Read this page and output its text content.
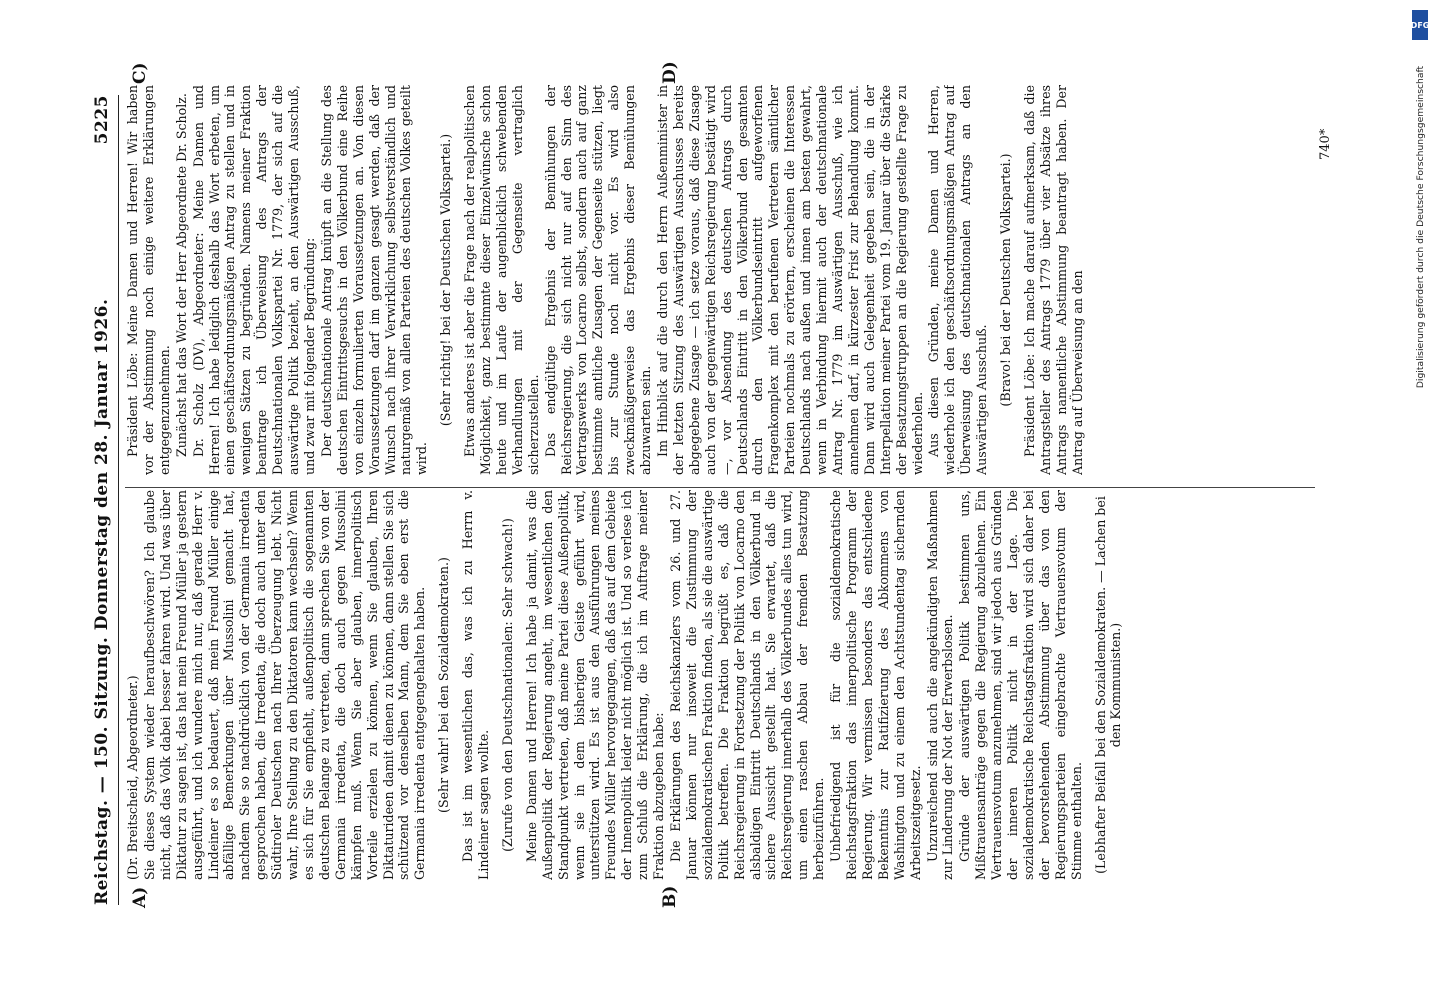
Reichstag. — 150. Sitzung. Donnerstag den 28. Januar 1926.
5225

(Dr. Breitscheid, Abgeordneter.) Sie dieses System wieder heraufbeschwören? Ich glaube nicht, daß das Volk dabei besser fahren wird. Und was über Diktatur zu sagen ist, das hat mein Freund Müller ja gestern ausgeführt, und ich wundere mich nur, daß gerade Herr v. Lindeiner es so bedauert, daß mein Freund Müller einige abfällige Bemerkungen über Mussolini gemacht hat, nachdem Sie so nachdrücklich von der Germania irredenta gesprochen haben, die Irredenta, die doch auch unter den Südtiroler Deutschen nach Ihrer Überzeugung lebt. Nicht wahr, Ihre Stellung zu den Diktatoren kann wechseln? Wenn es sich für Sie empfiehlt, außenpolitisch die sogenannten deutschen Belange zu vertreten, dann sprechen Sie von der Germania irredenta, die doch auch gegen Mussolini kämpfen muß. Wenn Sie aber glauben, innerpolitisch Vorteile erzielen zu können, wenn Sie glauben, Ihren Diktaturideen damit dienen zu können, dann stellen Sie sich schützend vor denselben Mann, dem Sie eben erst die Germania irredenta entgegengehalten haben. (Sehr wahr! bei den Sozialdemokraten.) Das ist im wesentlichen das, was ich zu Herrn v. Lindeiner sagen wollte. (Zurufe von den Deutschnationalen: Sehr schwach!) Meine Damen und Herren! Ich habe ja damit, was die Außenpolitik der Regierung angeht, im wesentlichen den Standpunkt vertreten, daß meine Partei diese Außenpolitik, wenn sie in dem bisherigen Geiste geführt wird, unterstützen wird. Es ist aus den Ausführungen meines Freundes Müller hervorgegangen, daß das auf dem Gebiete der Innenpolitik leider nicht möglich ist. Und so verlese ich zum Schluß die Erklärung, die ich im Auftrage meiner Fraktion abzugeben habe: Die Erklärungen des Reichskanzlers vom 26. und 27. Januar können nur insoweit die Zustimmung der sozialdemokratischen Fraktion finden, als sie die auswärtige Politik betreffen. Die Fraktion begrüßt es, daß die Reichsregierung in Fortsetzung der Politik von Locarno den alsbaldigen Eintritt Deutschlands in den Völkerbund in sichere Aussicht gestellt hat. Sie erwartet, daß die Reichsregierung innerhalb des Völkerbundes alles tun wird, um einen raschen Abbau der fremden Besatzung herbeizuführen. Unbefriedigend ist für die sozialdemokratische Reichstagsfraktion das innerpolitische Programm der Regierung. Wir vermissen besonders das entschiedene Bekenntnis zur Ratifizierung des Abkommens von Washington und zu einem den Achtstundentag sichernden Arbeitszeitgesetz. Unzureichend sind auch die angekündigten Maßnahmen zur Linderung der Not der Erwerbslosen. Gründe der auswärtigen Politik bestimmen uns, Mißtrauensanträge gegen die Regierung abzulehnen. Ein Vertrauensvotum anzunehmen, sind wir jedoch aus Gründen der inneren Politik nicht in der Lage. Die sozialdemokratische Reichstagsfraktion wird sich daher bei der bevorstehenden Abstimmung über das von den Regierungsparteien eingebrachte Vertrauensvotum der Stimme enthalten. (Lebhafter Beifall bei den Sozialdemokraten. — Lachen bei den Kommunisten.)

Präsident Löbe: Meine Damen und Herren! Wir haben vor der Abstimmung noch einige weitere Erklärungen entgegenzunehmen. Zunächst hat das Wort der Herr Abgeordnete Dr. Scholz. Dr. Scholz (DV), Abgeordneter: Meine Damen und Herren! Ich habe lediglich deshalb das Wort erbeten, um einen geschäftsordnungsmäßigen Antrag zu stellen und in wenigen Sätzen zu begründen. Namens meiner Fraktion beantrage ich Überweisung des Antrags der Deutschnationalen Volkspartei Nr. 1779, der sich auf die auswärtige Politik bezieht, an den Auswärtigen Ausschuß, und zwar mit folgender Begründung: Der deutschnationale Antrag knüpft an die Stellung des deutschen Eintrittsgesuchs in den Völkerbund eine Reihe von einzeln formulierten Voraussetzungen an. Von diesen Voraussetzungen darf im ganzen gesagt werden, daß der Wunsch nach ihrer Verwirklichung selbstverständlich und naturgemäß von allen Parteien des deutschen Volkes geteilt wird.

(Sehr richtig! bei der Deutschen Volkspartei.) Etwas anderes ist aber die Frage nach der realpolitischen Möglichkeit, ganz bestimmte dieser Einzelwünsche schon heute und im Laufe der augenblicklich schwebenden Verhandlungen mit der Gegenseite vertraglich sicherzustellen. Das endgültige Ergebnis der Bemühungen der Reichsregierung, die sich nicht nur auf den Sinn des Vertragswerks von Locarno selbst, sondern auch auf ganz bestimmte amtliche Zusagen der Gegenseite stützen, liegt bis zur Stunde noch nicht vor. Es wird also zweckmäßigerweise das Ergebnis dieser Bemühungen abzuwarten sein. Im Hinblick auf die durch den Herrn Außenminister in der letzten Sitzung des Auswärtigen Ausschusses bereits abgegebene Zusage — ich setze voraus, daß diese Zusage auch von der gegenwärtigen Reichsregierung bestätigt wird —, vor Absendung des deutschen Antrags durch Deutschlands Eintritt in den Völkerbund den gesamten durch den Völkerbundseintritt aufgeworfenen Fragenkomplex mit den berufenen Vertretern sämtlicher Parteien nochmals zu erörtern, erscheinen die Interessen Deutschlands nach außen und innen am besten gewahrt, wenn in Verbindung hiermit auch der deutschnationale Antrag Nr. 1779 im Auswärtigen Ausschuß, wie ich annehmen darf, in kürzester Frist zur Behandlung kommt. Dann wird auch Gelegenheit gegeben sein, die in der Interpellation meiner Partei vom 19. Januar über die Stärke der Besatzungstruppen an die Regierung gestellte Frage zu wiederholen. Aus diesen Gründen, meine Damen und Herren, wiederhole ich den geschäftsordnungsmäßigen Antrag auf Überweisung des deutschnationalen Antrags an den Auswärtigen Ausschuß. (Bravo! bei der Deutschen Volkspartei.) Präsident Löbe: Ich mache darauf aufmerksam, daß die Antragsteller des Antrags 1779 über vier Absätze ihres Antrags namentliche Abstimmung beantragt haben. Der Antrag auf Überweisung an den

A)	B)
C)	D)
740*
DFG
Digitalisierung gefördert durch die Deutsche Forschungsgemeinschaft
